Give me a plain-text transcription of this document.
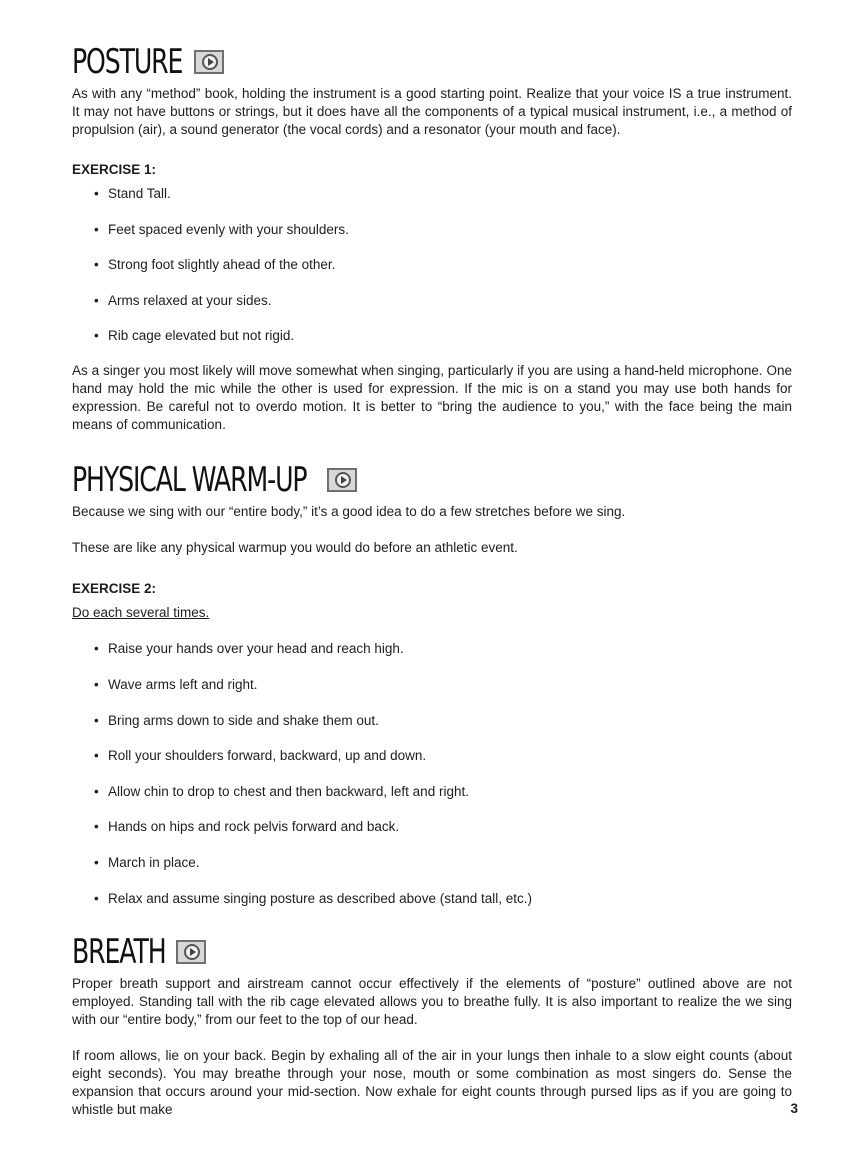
POSTURE

As with any “method” book, holding the instrument is a good starting point. Realize that your voice IS a true instrument. It may not have buttons or strings, but it does have all the components of a typical musical instrument, i.e., a method of propulsion (air), a sound generator (the vocal cords) and a resonator (your mouth and face).

EXERCISE 1:

• Stand Tall.
• Feet spaced evenly with your shoulders.
• Strong foot slightly ahead of the other.
• Arms relaxed at your sides.
• Rib cage elevated but not rigid.

As a singer you most likely will move somewhat when singing, particularly if you are using a hand-held microphone. One hand may hold the mic while the other is used for expression. If the mic is on a stand you may use both hands for expression. Be careful not to overdo motion. It is better to “bring the audience to you,” with the face being the main means of communication.

PHYSICAL WARM-UP

Because we sing with our “entire body,” it’s a good idea to do a few stretches before we sing.

These are like any physical warmup you would do before an athletic event.

EXERCISE 2:

Do each several times.

• Raise your hands over your head and reach high.
• Wave arms left and right.
• Bring arms down to side and shake them out.
• Roll your shoulders forward, backward, up and down.
• Allow chin to drop to chest and then backward, left and right.
• Hands on hips and rock pelvis forward and back.
• March in place.
• Relax and assume singing posture as described above (stand tall, etc.)
BREATH

Proper breath support and airstream cannot occur effectively if the elements of “posture” outlined above are not employed. Standing tall with the rib cage elevated allows you to breathe fully. It is also important to realize the we sing with our “entire body,” from our feet to the top of our head.

If room allows, lie on your back. Begin by exhaling all of the air in your lungs then inhale to a slow eight counts (about eight seconds). You may breathe through your nose, mouth or some combination as most singers do. Sense the expansion that occurs around your mid-section. Now exhale for eight counts through pursed lips as if you are going to whistle but make	3
